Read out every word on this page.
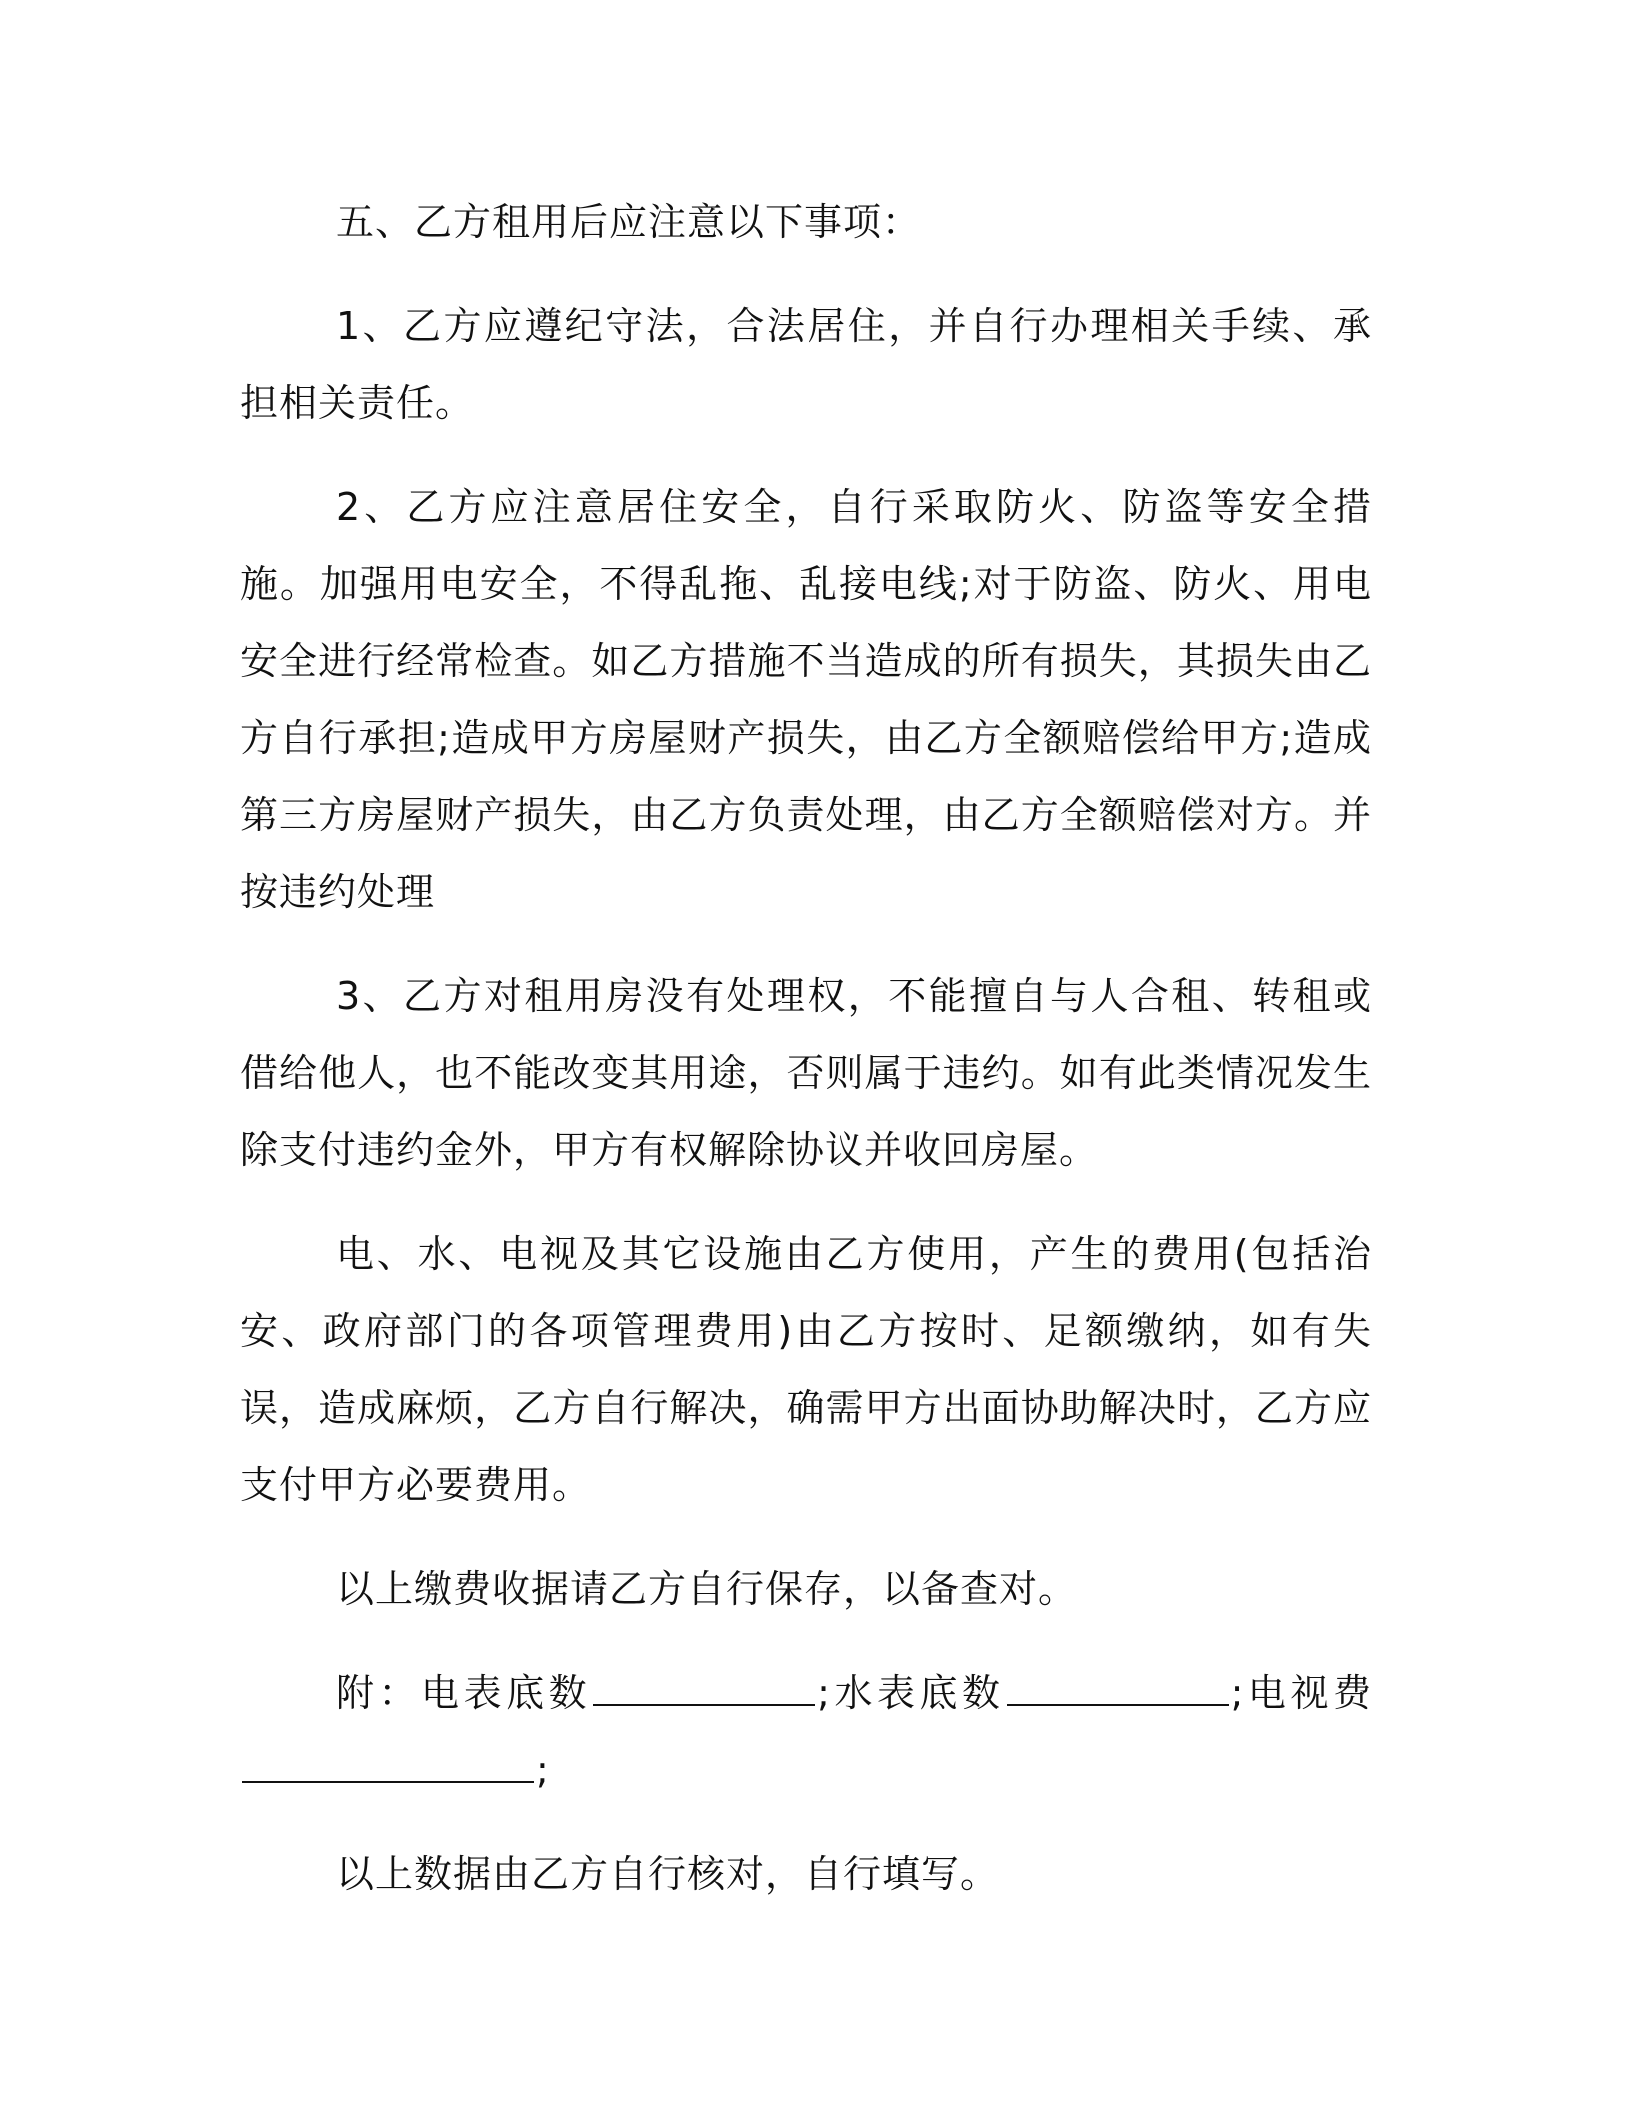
五、乙方租用后应注意以下事项：

1、乙方应遵纪守法，合法居住，并自行办理相关手续、承担相关责任。

2、乙方应注意居住安全，自行采取防火、防盗等安全措施。加强用电安全，不得乱拖、乱接电线;对于防盗、防火、用电安全进行经常检查。如乙方措施不当造成的所有损失，其损失由乙方自行承担;造成甲方房屋财产损失，由乙方全额赔偿给甲方;造成第三方房屋财产损失，由乙方负责处理，由乙方全额赔偿对方。并按违约处理

3、乙方对租用房没有处理权，不能擅自与人合租、转租或借给他人，也不能改变其用途，否则属于违约。如有此类情况发生除支付违约金外，甲方有权解除协议并收回房屋。

电、水、电视及其它设施由乙方使用，产生的费用(包括治安、政府部门的各项管理费用)由乙方按时、足额缴纳，如有失误，造成麻烦，乙方自行解决，确需甲方出面协助解决时，乙方应支付甲方必要费用。

以上缴费收据请乙方自行保存，以备查对。

附：电表底数	;水表底数	;电视费;

以上数据由乙方自行核对，自行填写。
